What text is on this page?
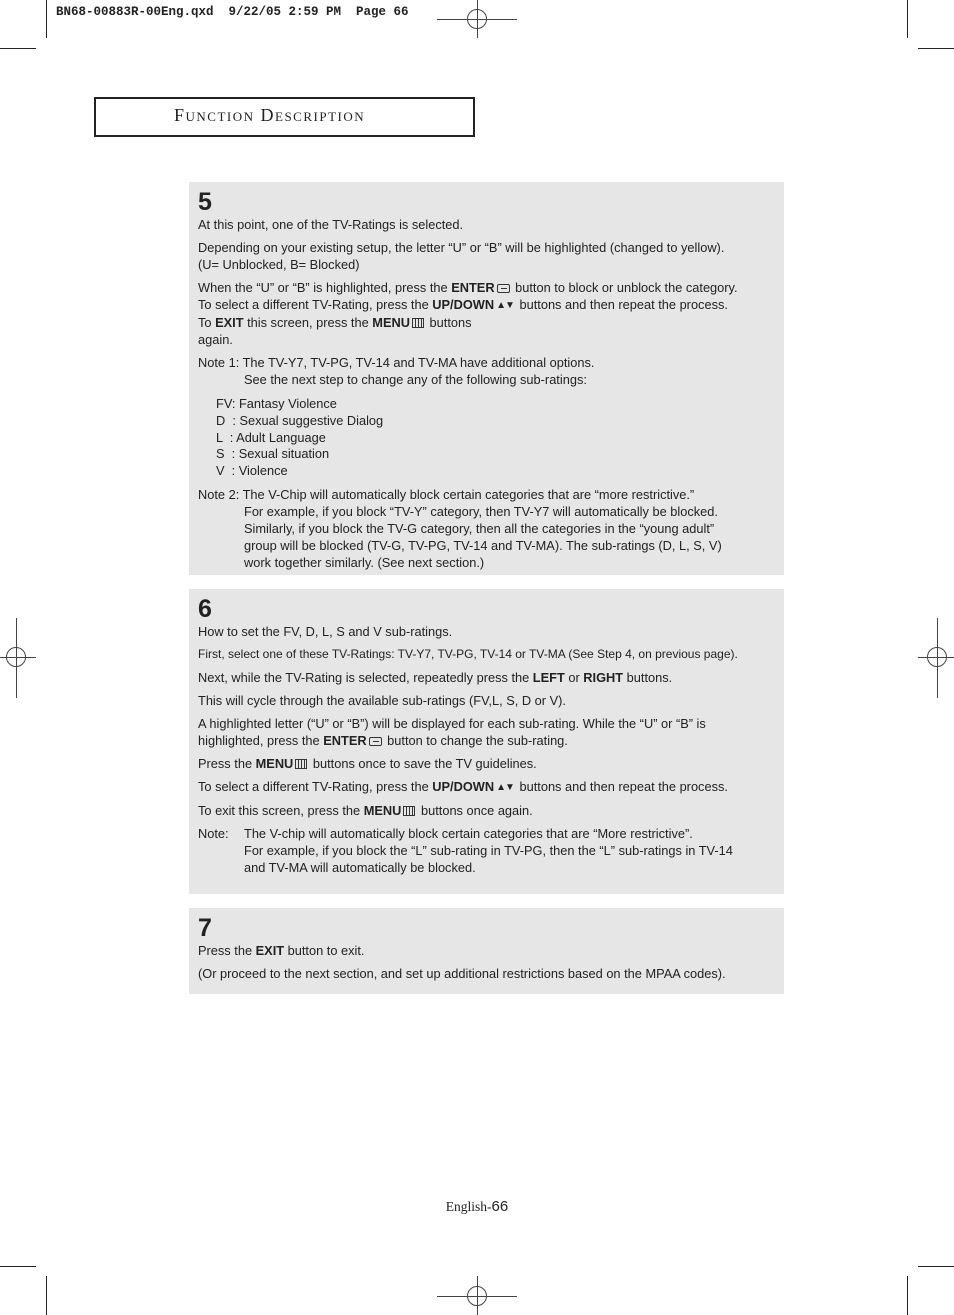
BN68-00883R-00Eng.qxd  9/22/05 2:59 PM  Page 66
Function Description
5
At this point, one of the TV-Ratings is selected.
Depending on your existing setup, the letter “U” or “B” will be highlighted (changed to yellow).
(U= Unblocked, B= Blocked)
When the “U” or “B” is highlighted, press the ENTER button to block or unblock the category.
To select a different TV-Rating, press the UP/DOWN ▲▼ buttons and then repeat the process.
To EXIT this screen, press the MENU buttons
again.
Note 1: The TV-Y7, TV-PG, TV-14 and TV-MA have additional options.
See the next step to change any of the following sub-ratings:
FV: Fantasy Violence
D  : Sexual suggestive Dialog
L  : Adult Language
S  : Sexual situation
V  : Violence
Note 2: The V-Chip will automatically block certain categories that are “more restrictive.”
For example, if you block “TV-Y” category, then TV-Y7 will automatically be blocked.
Similarly, if you block the TV-G category, then all the categories in the “young adult”
group will be blocked (TV-G, TV-PG, TV-14 and TV-MA). The sub-ratings (D, L, S, V)
work together similarly. (See next section.)
6
How to set the FV, D, L, S and V sub-ratings.
First, select one of these TV-Ratings: TV-Y7, TV-PG, TV-14 or TV-MA (See Step 4, on previous page).
Next, while the TV-Rating is selected, repeatedly press the LEFT or RIGHT buttons.
This will cycle through the available sub-ratings (FV,L, S, D or V).
A highlighted letter (“U” or “B”) will be displayed for each sub-rating. While the “U” or “B” is
highlighted, press the ENTER button to change the sub-rating.
Press the MENU buttons once to save the TV guidelines.
To select a different TV-Rating, press the UP/DOWN ▲▼ buttons and then repeat the process.
To exit this screen, press the MENU buttons once again.
Note:	The V-chip will automatically block certain categories that are “More restrictive”.
For example, if you block the “L” sub-rating in TV-PG, then the “L” sub-ratings in TV-14
and TV-MA will automatically be blocked.
7
Press the EXIT button to exit.
(Or proceed to the next section, and set up additional restrictions based on the MPAA codes).
English-66
